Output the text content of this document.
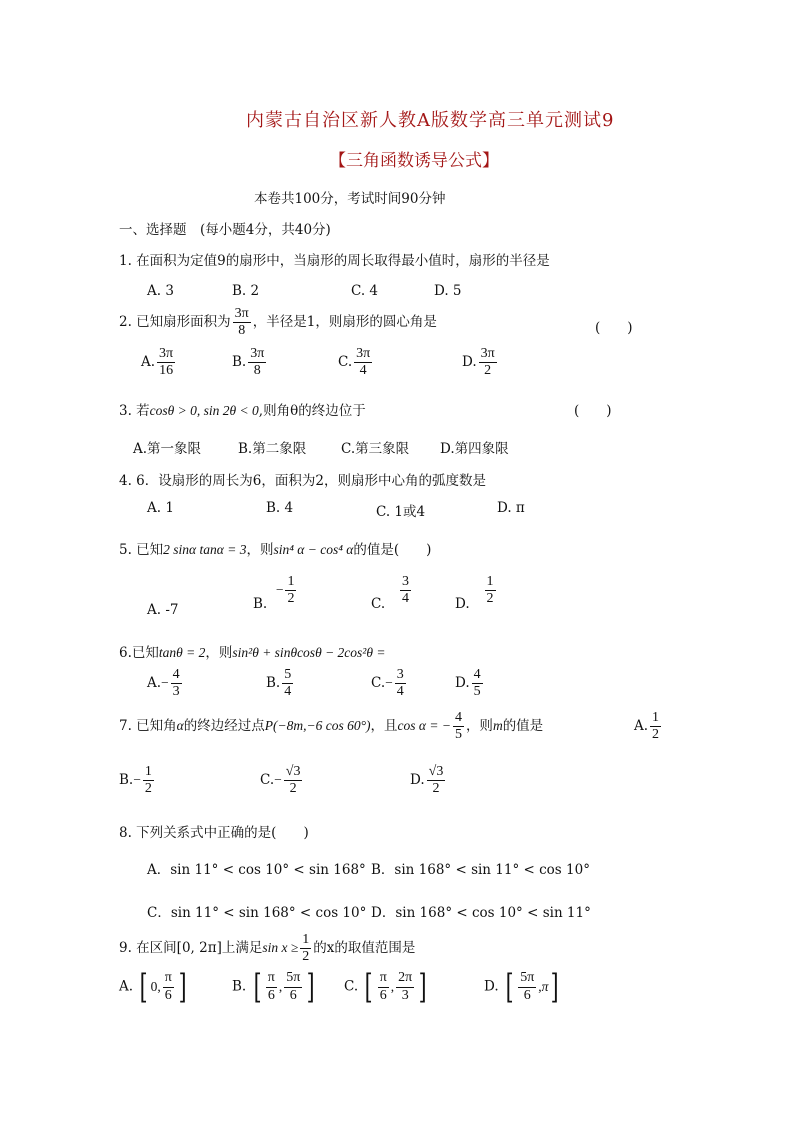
内蒙古自治区新人教A版数学高三单元测试9
【三角函数诱导公式】
本卷共100分，考试时间90分钟
一、选择题　(每小题4分，共40分)
1. 在面积为定值9的扇形中，当扇形的周长取得最小值时，扇形的半径是
A. 3	B. 2	C. 4	D. 5
2. 已知扇形面积为 $\frac{3\pi}{8}$ ，半径是1，则扇形的圆心角是	(　　)
A. $\frac{3\pi}{16}$	B. $\frac{3\pi}{8}$	C. $\frac{3\pi}{4}$	D. $\frac{3\pi}{2}$
3. 若cosθ > 0, sin 2θ < 0,则角θ的终边位于	(　　)
A.第一象限	B.第二象限	C.第三象限 D.第四象限
4. 6．设扇形的周长为6，面积为2，则扇形中心角的弧度数是
A. 1	B. 4	C. 1或4	D. π
5. 已知2 sinα tanα = 3，则sin⁴ α − cos⁴ α的值是(　　)
A. -7	B.  − $\frac{1}{2}$	C. $\frac{3}{4}$	D. $\frac{1}{2}$
6.已知tanθ = 2，则sin²θ + sinθcosθ − 2cos²θ =
$A.- \frac{4}{3}$	B. $\frac{5}{4}$	$C.- \frac{3}{4}$	D. $\frac{4}{5}$
7. 已知角α的终边经过点P(−8m,−6 cos 60°)，且cos α = − $\frac{4}{5}$ ，则m的值是	A. $\frac{1}{2}$
$B.- \frac{1}{2}$	$C.- \frac{√3}{2}$	D. $\frac{√3}{2}$
8. 下列关系式中正确的是(　　)
A．sin 11° < cos 10° < sin 168° B．sin 168° < sin 11° < cos 10°
C．sin 11° < sin 168° < cos 10° D．sin 168° < cos 10° < sin 11°
9. 在区间[0, 2π]上满足$\sin x \ge \frac{1}{2}$ 的x的取值范围是
A. [ 0, $\frac{\pi}{6}$ ]	B. [ $\frac{\pi}{6}$ , $\frac{5\pi}{6}$ ] C. [ $\frac{\pi}{6}$ , $\frac{2\pi}{3}$ ]	D. [ $\frac{5\pi}{6}$ , π ]
